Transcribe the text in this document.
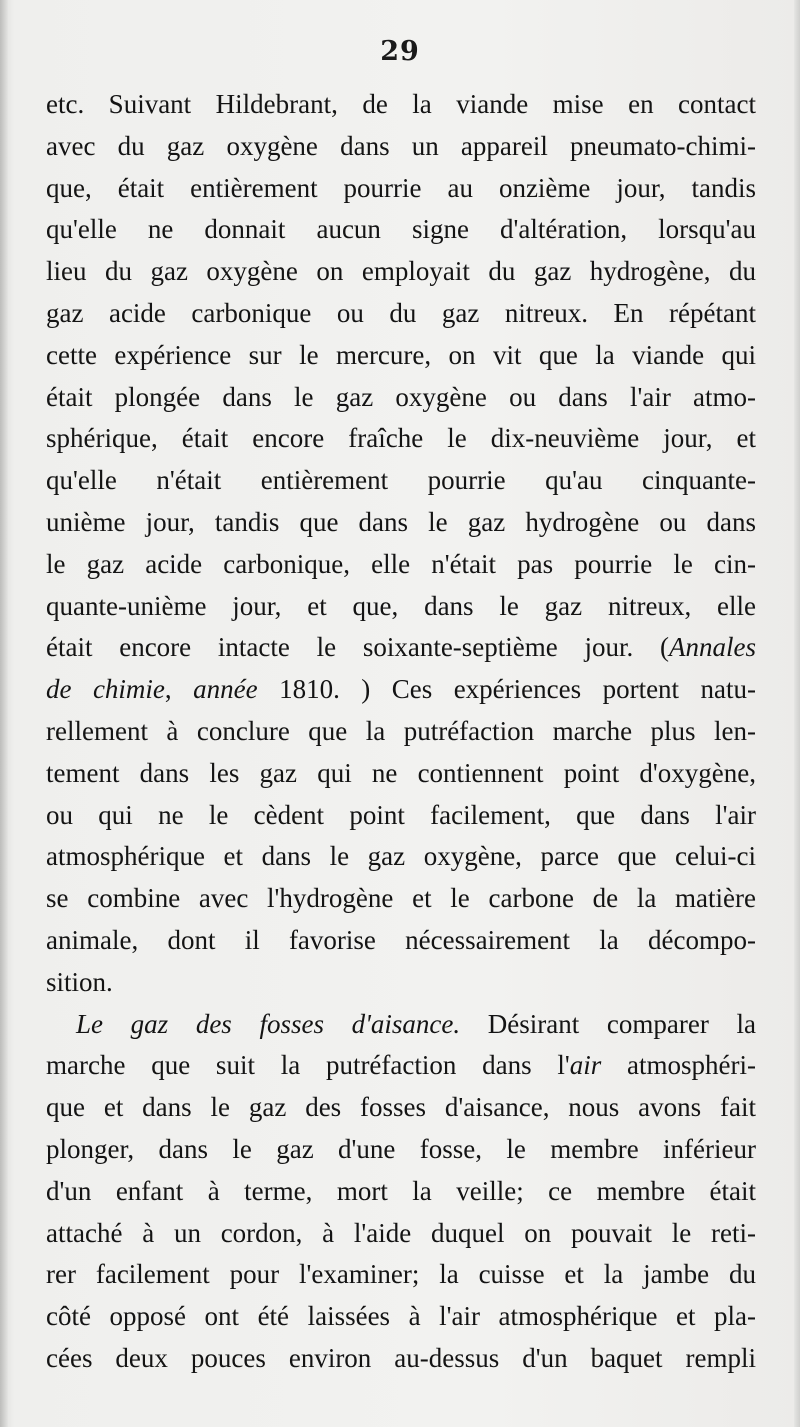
29
etc. Suivant Hildebrant, de la viande mise en contact
avec du gaz oxygène dans un appareil pneumato-chimi-
que, était entièrement pourrie au onzième jour, tandis
qu'elle ne donnait aucun signe d'altération, lorsqu'au
lieu du gaz oxygène on employait du gaz hydrogène, du
gaz acide carbonique ou du gaz nitreux. En répétant
cette expérience sur le mercure, on vit que la viande qui
était plongée dans le gaz oxygène ou dans l'air atmo-
sphérique, était encore fraîche le dix-neuvième jour, et
qu'elle n'était entièrement pourrie qu'au cinquante-
unième jour, tandis que dans le gaz hydrogène ou dans
le gaz acide carbonique, elle n'était pas pourrie le cin-
quante-unième jour, et que, dans le gaz nitreux, elle
était encore intacte le soixante-septième jour. (Annales
de chimie, année 1810. ) Ces expériences portent natu-
rellement à conclure que la putréfaction marche plus len-
tement dans les gaz qui ne contiennent point d'oxygène,
ou qui ne le cèdent point facilement, que dans l'air
atmosphérique et dans le gaz oxygène, parce que celui-ci
se combine avec l'hydrogène et le carbone de la matière
animale, dont il favorise nécessairement la décompo-
sition.
Le gaz des fosses d'aisance. Désirant comparer la
marche que suit la putréfaction dans l'air atmosphéri-
que et dans le gaz des fosses d'aisance, nous avons fait
plonger, dans le gaz d'une fosse, le membre inférieur
d'un enfant à terme, mort la veille; ce membre était
attaché à un cordon, à l'aide duquel on pouvait le reti-
rer facilement pour l'examiner; la cuisse et la jambe du
côté opposé ont été laissées à l'air atmosphérique et pla-
cées deux pouces environ au-dessus d'un baquet rempli
